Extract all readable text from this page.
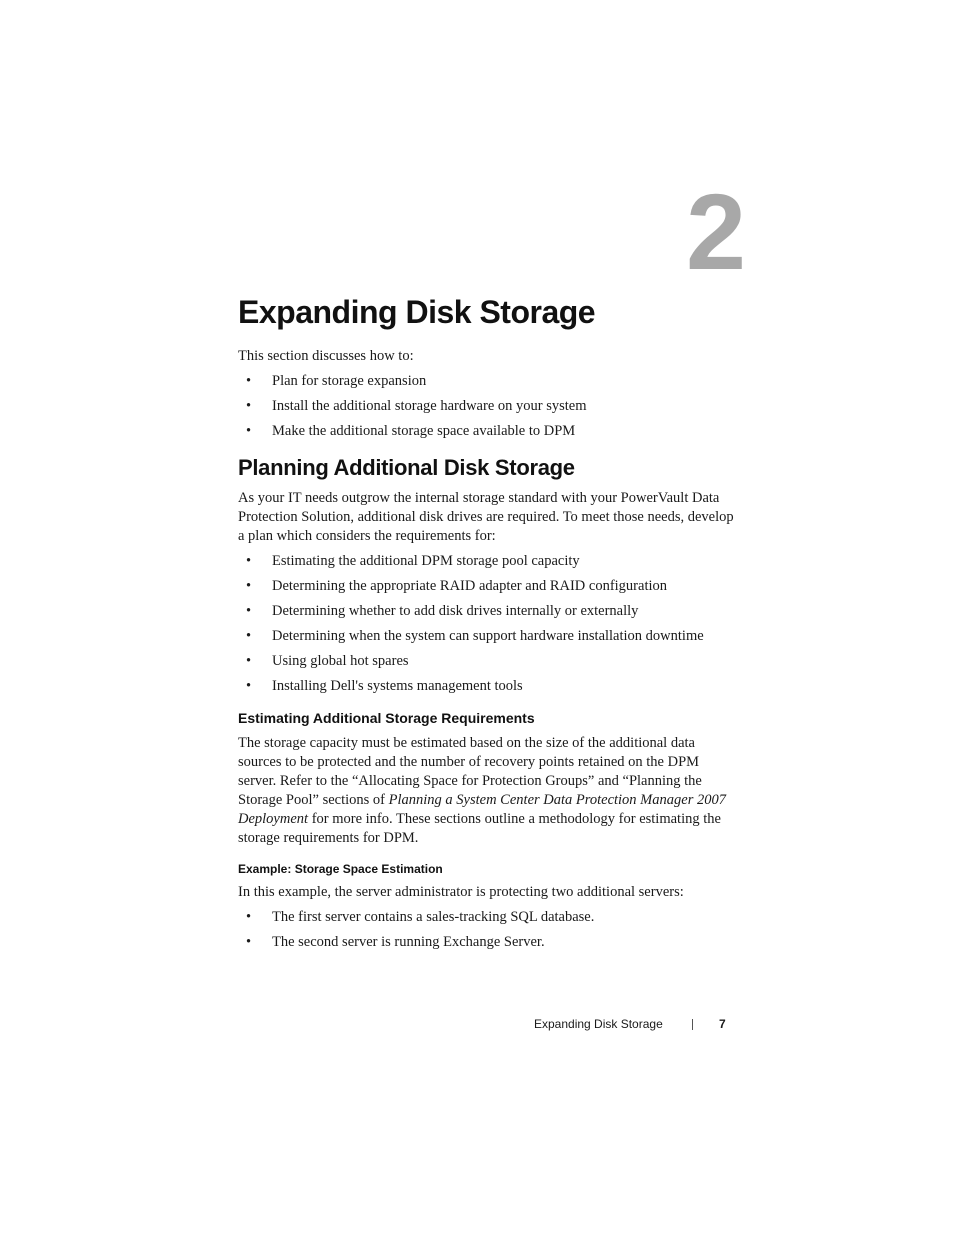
2
Expanding Disk Storage

This section discusses how to:

• Plan for storage expansion
• Install the additional storage hardware on your system
• Make the additional storage space available to DPM
Planning Additional Disk Storage

As your IT needs outgrow the internal storage standard with your PowerVault Data Protection Solution, additional disk drives are required. To meet those needs, develop a plan which considers the requirements for:

• Estimating the additional DPM storage pool capacity
• Determining the appropriate RAID adapter and RAID configuration
• Determining whether to add disk drives internally or externally
• Determining when the system can support hardware installation downtime
• Using global hot spares
• Installing Dell's systems management tools
Estimating Additional Storage Requirements

The storage capacity must be estimated based on the size of the additional data sources to be protected and the number of recovery points retained on the DPM server. Refer to the “Allocating Space for Protection Groups” and “Planning the Storage Pool” sections of Planning a System Center Data Protection Manager 2007 Deployment for more info. These sections outline a methodology for estimating the storage requirements for DPM.

Example: Storage Space Estimation

In this example, the server administrator is protecting two additional servers:

• The first server contains a sales-tracking SQL database.
• The second server is running Exchange Server.
Expanding Disk Storage	7
